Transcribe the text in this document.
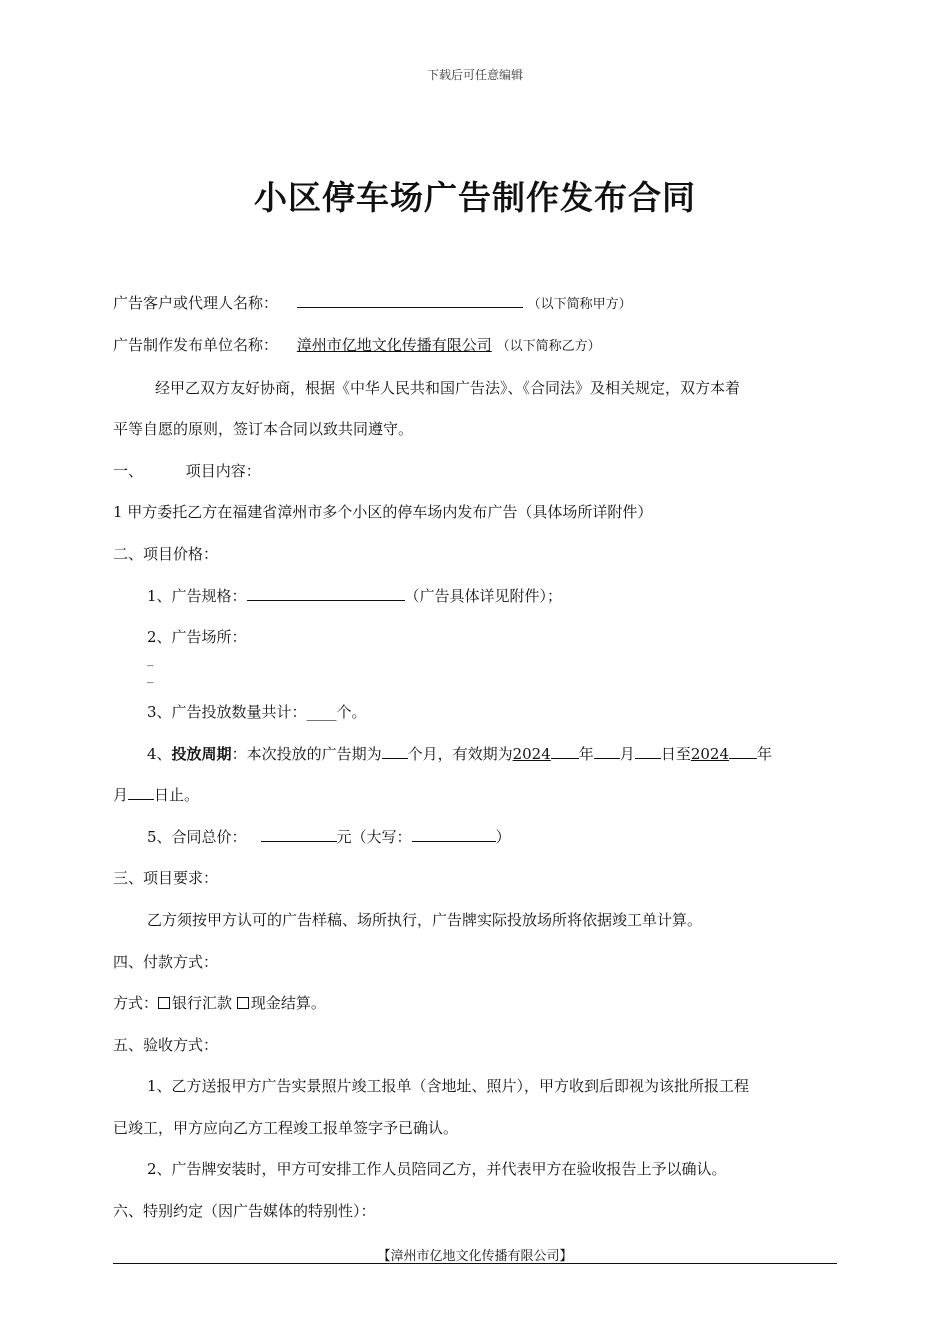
下载后可任意编辑
小区停车场广告制作发布合同
广告客户或代理人名称：	（以下简称甲方）
广告制作发布单位名称： 漳州市亿地文化传播有限公司 （以下简称乙方）
经甲乙双方友好协商，根据《中华人民共和国广告法》、《合同法》及相关规定，双方本着
平等自愿的原则，签订本合同以致共同遵守。
一、	项目内容：
1 甲方委托乙方在福建省漳州市多个小区的停车场内发布广告（具体场所详附件）
二、项目价格：
1、广告规格：	（广告具体详见附件）；
2、广告场所：
_
_
3、广告投放数量共计：____个。
4、投放周期：本次投放的广告期为 个月，有效期为2024 年 月 日至2024 年
月 日止。
5、合同总价：	元（大写：	）
三、项目要求：
乙方须按甲方认可的广告样稿、场所执行，广告牌实际投放场所将依据竣工单计算。
四、付款方式：
方式： 银行汇款 现金结算。
五、验收方式：
1、乙方送报甲方广告实景照片竣工报单（含地址、照片），甲方收到后即视为该批所报工程
已竣工，甲方应向乙方工程竣工报单签字予已确认。
2、广告牌安装时，甲方可安排工作人员陪同乙方，并代表甲方在验收报告上予以确认。
六、特别约定（因广告媒体的特别性）：
【漳州市亿地文化传播有限公司】
